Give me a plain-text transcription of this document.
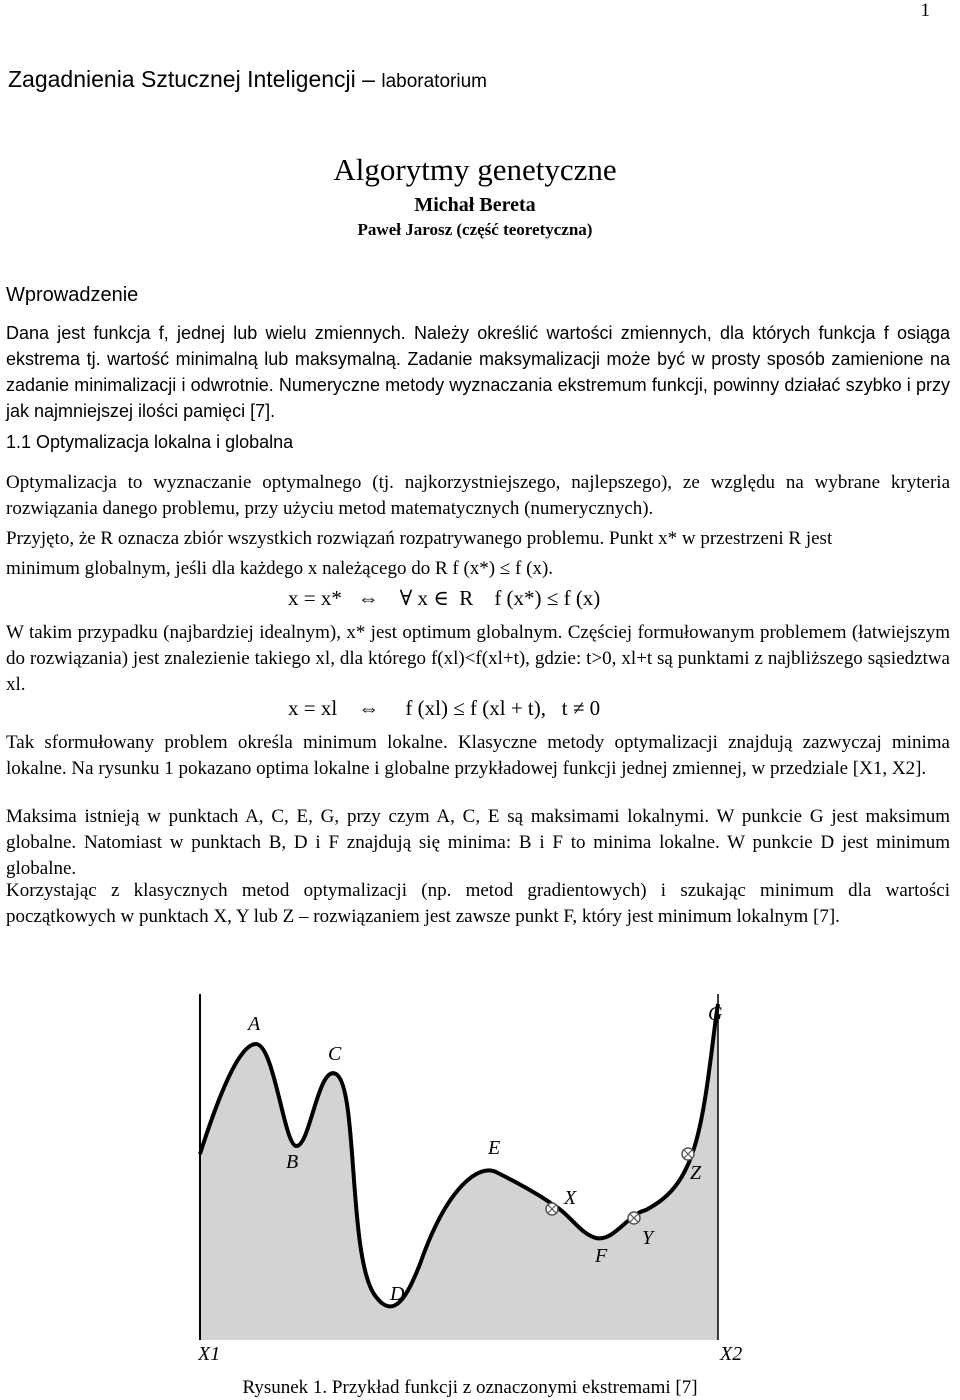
1
Zagadnienia Sztucznej Inteligencji – laboratorium
Algorytmy genetyczne
Michał Bereta
Paweł Jarosz (część teoretyczna)
Wprowadzenie
Dana jest funkcja f, jednej lub wielu zmiennych. Należy określić wartości zmiennych, dla których funkcja f osiąga ekstrema tj. wartość minimalną lub maksymalną. Zadanie maksymalizacji może być w prosty sposób zamienione na zadanie minimalizacji i odwrotnie. Numeryczne metody wyznaczania ekstremum funkcji, powinny działać szybko i przy jak najmniejszej ilości pamięci [7].
1.1 Optymalizacja lokalna i globalna
Optymalizacja to wyznaczanie optymalnego (tj. najkorzystniejszego, najlepszego), ze względu na wybrane kryteria rozwiązania danego problemu, przy użyciu metod matematycznych (numerycznych).
Przyjęto, że R oznacza zbiór wszystkich rozwiązań rozpatrywanego problemu. Punkt x* w przestrzeni R jest
minimum globalnym, jeśli dla każdego x należącego do R f (x*) ≤ f (x).
x = x*   ⇔    ∀ x ∈  R    f (x*) ≤ f (x)
W takim przypadku (najbardziej idealnym), x* jest optimum globalnym. Częściej formułowanym problemem (łatwiejszym do rozwiązania) jest znalezienie takiego xl, dla którego f(xl)<f(xl+t), gdzie: t>0, xl+t są punktami z najbliższego sąsiedztwa xl.
x = xl    ⇔     f (xl) ≤ f (xl + t),   t ≠ 0
Tak sformułowany problem określa minimum lokalne. Klasyczne metody optymalizacji znajdują zazwyczaj minima lokalne. Na rysunku 1 pokazano optima lokalne i globalne przykładowej funkcji jednej zmiennej, w przedziale [X1, X2].
Maksima istnieją w punktach A, C, E, G, przy czym A, C, E są maksimami lokalnymi. W punkcie G jest maksimum globalne. Natomiast w punktach B, D i F znajdują się minima: B i F to minima lokalne. W punkcie D jest minimum globalne.
Korzystając z klasycznych metod optymalizacji (np. metod gradientowych) i szukając minimum dla wartości początkowych w punktach X, Y lub Z – rozwiązaniem jest zawsze punkt F, który jest minimum lokalnym [7].
A
B
C
D
E
F
G
X
Y
Z
X1	X2
Rysunek 1. Przykład funkcji z oznaczonymi ekstremami [7]
